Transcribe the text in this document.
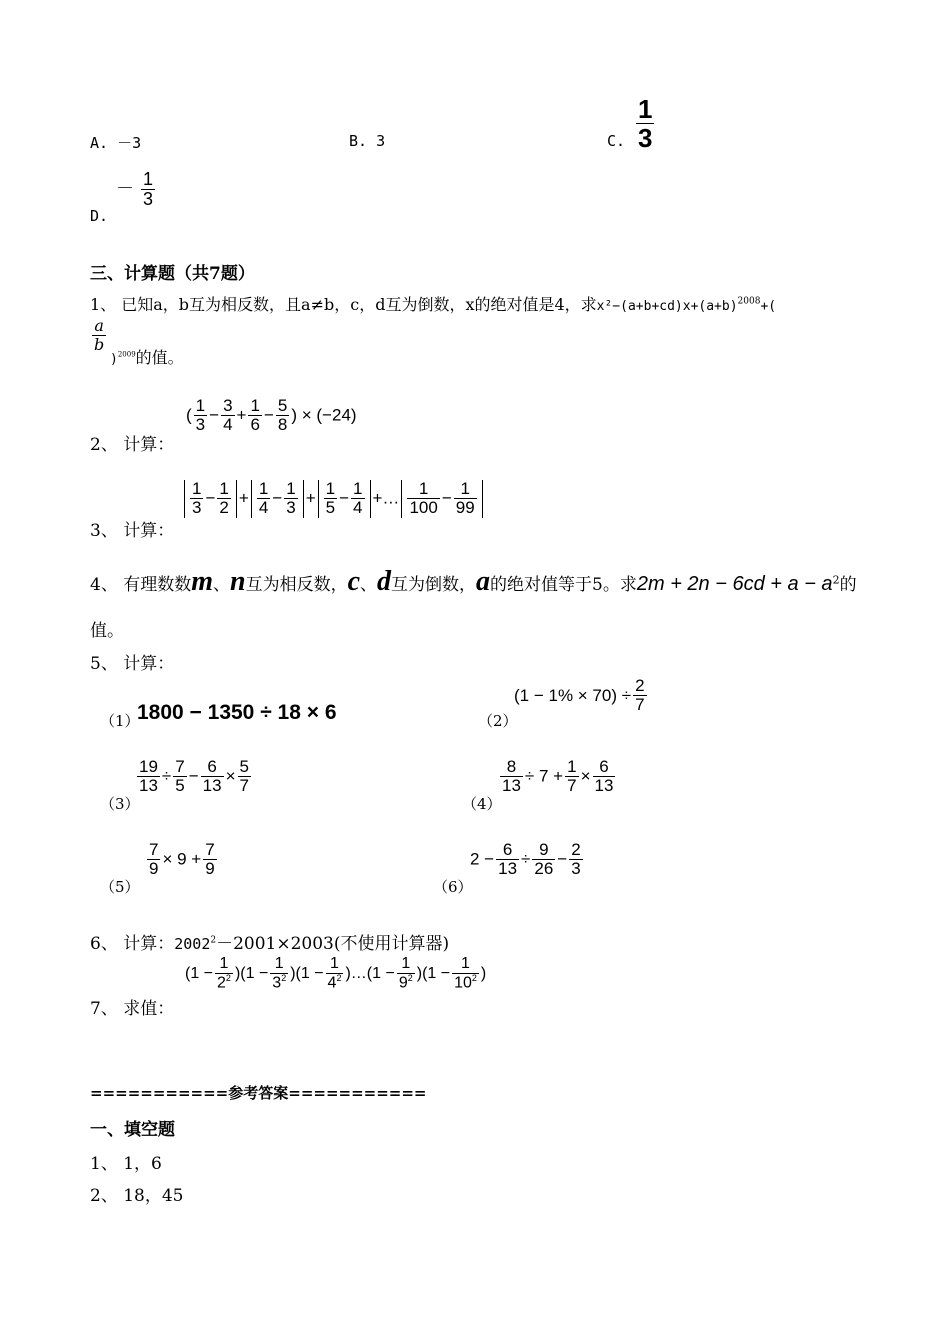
A. －3	B. 3	C. $\frac{1}{3}$
D.
－ $\frac{1}{3}$
三、计算题（共7题）
1、 已知a，b互为相反数，且a≠b，c，d互为倒数，x的绝对值是4，求$x^2-(a+b+cd)x+(a+b)^{2008}+$(
$\frac{a}{b}$
)$^{2009}$的值。
2、 计算：
( $\frac{1}{3} - \frac{3}{4} + \frac{1}{6} - \frac{5}{8}$ ) × (−24)
3、 计算：
$\frac{1}{3} - \frac{1}{2} + \frac{1}{4} - \frac{1}{3} + \frac{1}{5} - \frac{1}{4}$ +… $\frac{1}{100} - \frac{1}{99}$
4、 有理数数m、n互为相反数，c、d互为倒数，a的绝对值等于5。求$2m + 2n - 6cd + a - a^2$的
值。
5、 计算：
（1）
1800 − 1350 ÷ 18 × 6	（2）
$(1 - 1\% \times 70) \div \frac{2}{7}$
（3）
$\frac{19}{13} \div \frac{7}{5} - \frac{6}{13} \times \frac{5}{7}$
（4）
$\frac{8}{13} \div 7 + \frac{1}{7} \times \frac{6}{13}$
（5）
$\frac{7}{9} \times 9 + \frac{7}{9}$
（6）
$2 - \frac{6}{13} \div \frac{9}{26} - \frac{2}{3}$
6、 计算：$2002^2-2001\times 2003$(不使用计算器)
7、 求值：
$(1 - \frac{1}{2^2} )(1 - \frac{1}{3^2} )(1 - \frac{1}{4^2}$ )…(1 − $\frac{1}{9^2} )(1 - \frac{1}{10^2}$ )
===========参考答案===========
一、填空题
1、 1，6
2、 18，45
